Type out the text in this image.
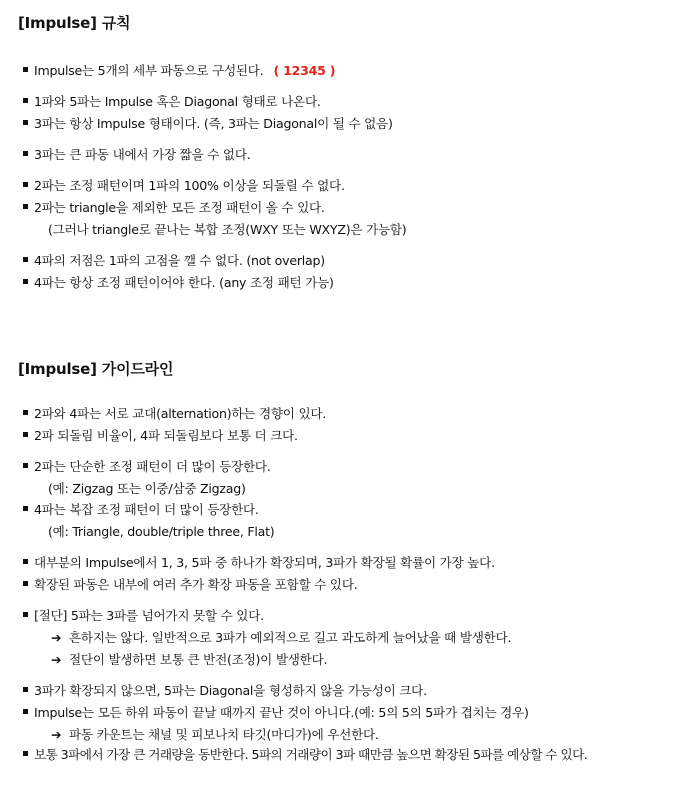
[Impulse] 규칙
Impulse는 5개의 세부 파동으로 구성된다. ( 12345 )
1파와 5파는 Impulse 혹은 Diagonal 형태로 나온다.
3파는 항상 Impulse 형태이다. (즉, 3파는 Diagonal이 될 수 없음)
3파는 큰 파동 내에서 가장 짧을 수 없다.
2파는 조정 패턴이며 1파의 100% 이상을 되돌릴 수 없다.
2파는 triangle을 제외한 모든 조정 패턴이 올 수 있다.
(그러나 triangle로 끝나는 복합 조정(WXY 또는 WXYZ)은 가능함)
4파의 저점은 1파의 고점을 깰 수 없다. (not overlap)
4파는 항상 조정 패턴이어야 한다. (any 조정 패턴 가능)
[Impulse] 가이드라인
2파와 4파는 서로 교대(alternation)하는 경향이 있다.
2파 되돌림 비율이, 4파 되돌림보다 보통 더 크다.
2파는 단순한 조정 패턴이 더 많이 등장한다.
(예: Zigzag 또는 이중/삼중 Zigzag)
4파는 복잡 조정 패턴이 더 많이 등장한다.
(예: Triangle, double/triple three, Flat)
대부분의 Impulse에서 1, 3, 5파 중 하나가 확장되며, 3파가 확장될 확률이 가장 높다.
확장된 파동은 내부에 여러 추가 확장 파동을 포함할 수 있다.
[절단] 5파는 3파를 넘어가지 못할 수 있다.
➔ 흔하지는 않다. 일반적으로 3파가 예외적으로 길고 과도하게 늘어났을 때 발생한다.
➔ 절단이 발생하면 보통 큰 반전(조정)이 발생한다.
3파가 확장되지 않으면, 5파는 Diagonal을 형성하지 않을 가능성이 크다.
Impulse는 모든 하위 파동이 끝날 때까지 끝난 것이 아니다.(예: 5의 5의 5파가 겹치는 경우)
➔ 파동 카운트는 채널 및 피보나치 타깃(마디가)에 우선한다.
보통 3파에서 가장 큰 거래량을 동반한다. 5파의 거래량이 3파 때만큼 높으면 확장된 5파를 예상할 수 있다.
